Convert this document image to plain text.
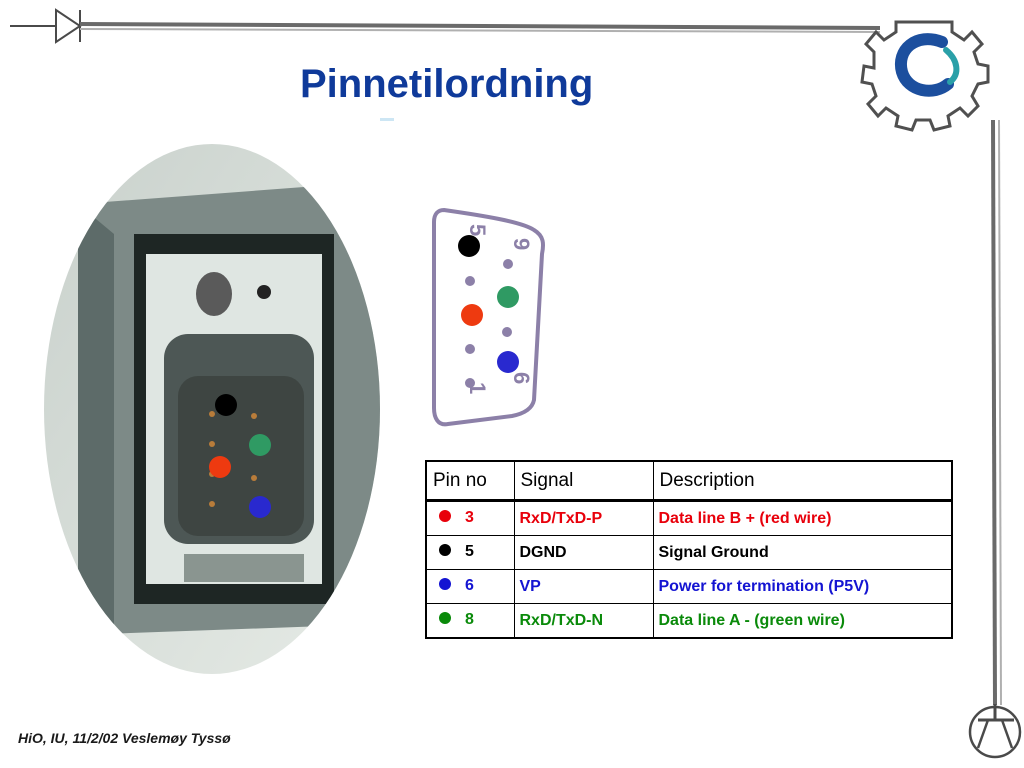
Pinnetilordning
5
9
1
6
Pin no	Signal	Description

3	RxD/TxD-P	Data line B + (red wire)

5	DGND	Signal Ground

6	VP	Power for termination (P5V)

8	RxD/TxD-N	Data line A - (green wire)
HiO, IU, 11/2/02 Veslemøy Tyssø
